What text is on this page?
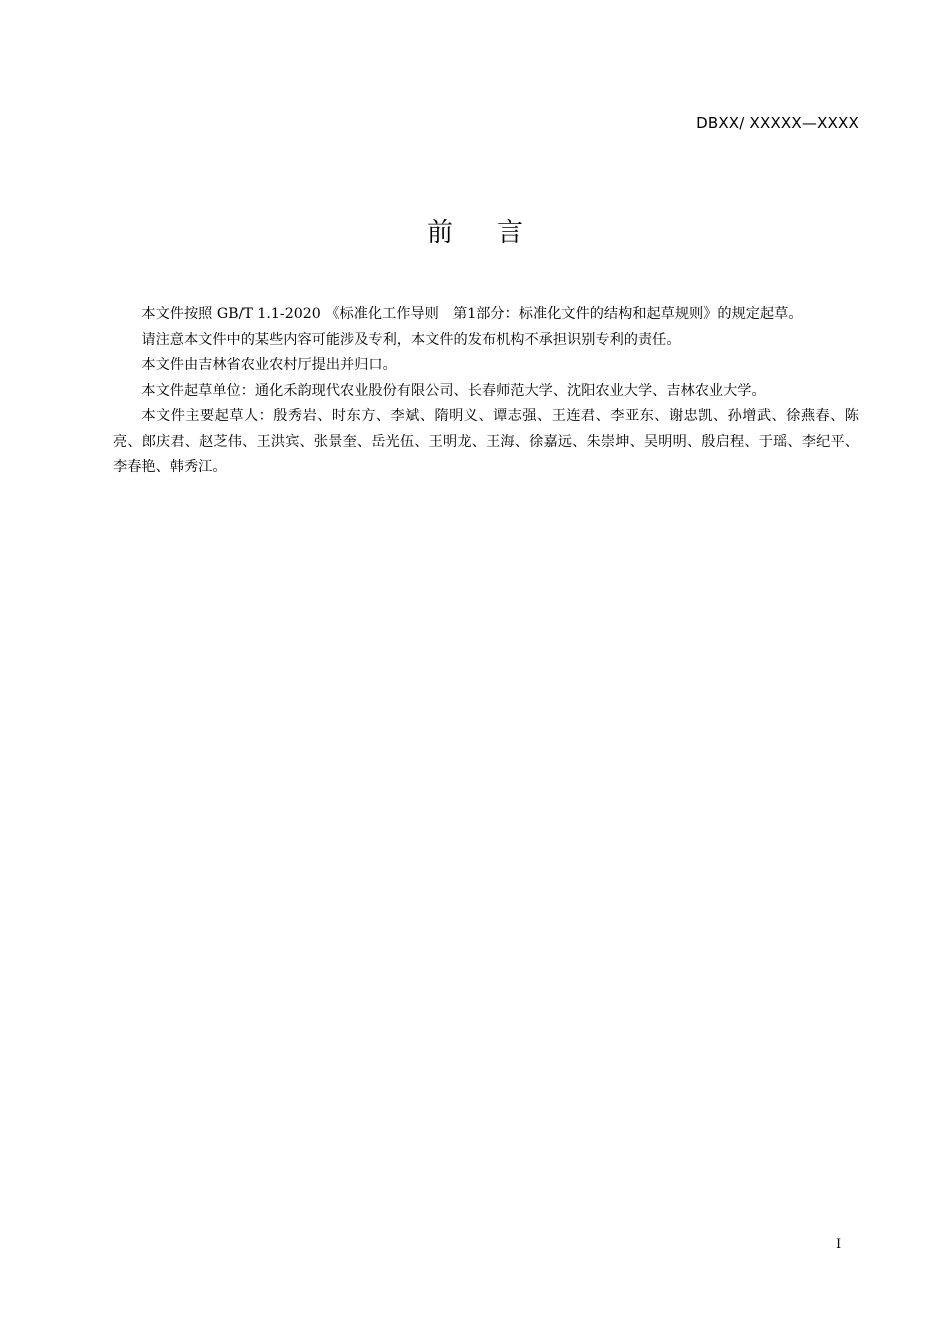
DBXX/ XXXXX—XXXX
前言

本文件按照 GB/T 1.1-2020 《标准化工作导则　第1部分：标准化文件的结构和起草规则》的规定起草。

请注意本文件中的某些内容可能涉及专利，本文件的发布机构不承担识别专利的责任。

本文件由吉林省农业农村厅提出并归口。

本文件起草单位：通化禾韵现代农业股份有限公司、长春师范大学、沈阳农业大学、吉林农业大学。

本文件主要起草人：殷秀岩、时东方、李斌、隋明义、谭志强、王连君、李亚东、谢忠凯、孙增武、徐燕春、陈亮、郎庆君、赵芝伟、王洪宾、张景奎、岳光伍、王明龙、王海、徐嘉远、朱崇坤、吴明明、殷启程、于瑶、李纪平、李春艳、韩秀江。

I
